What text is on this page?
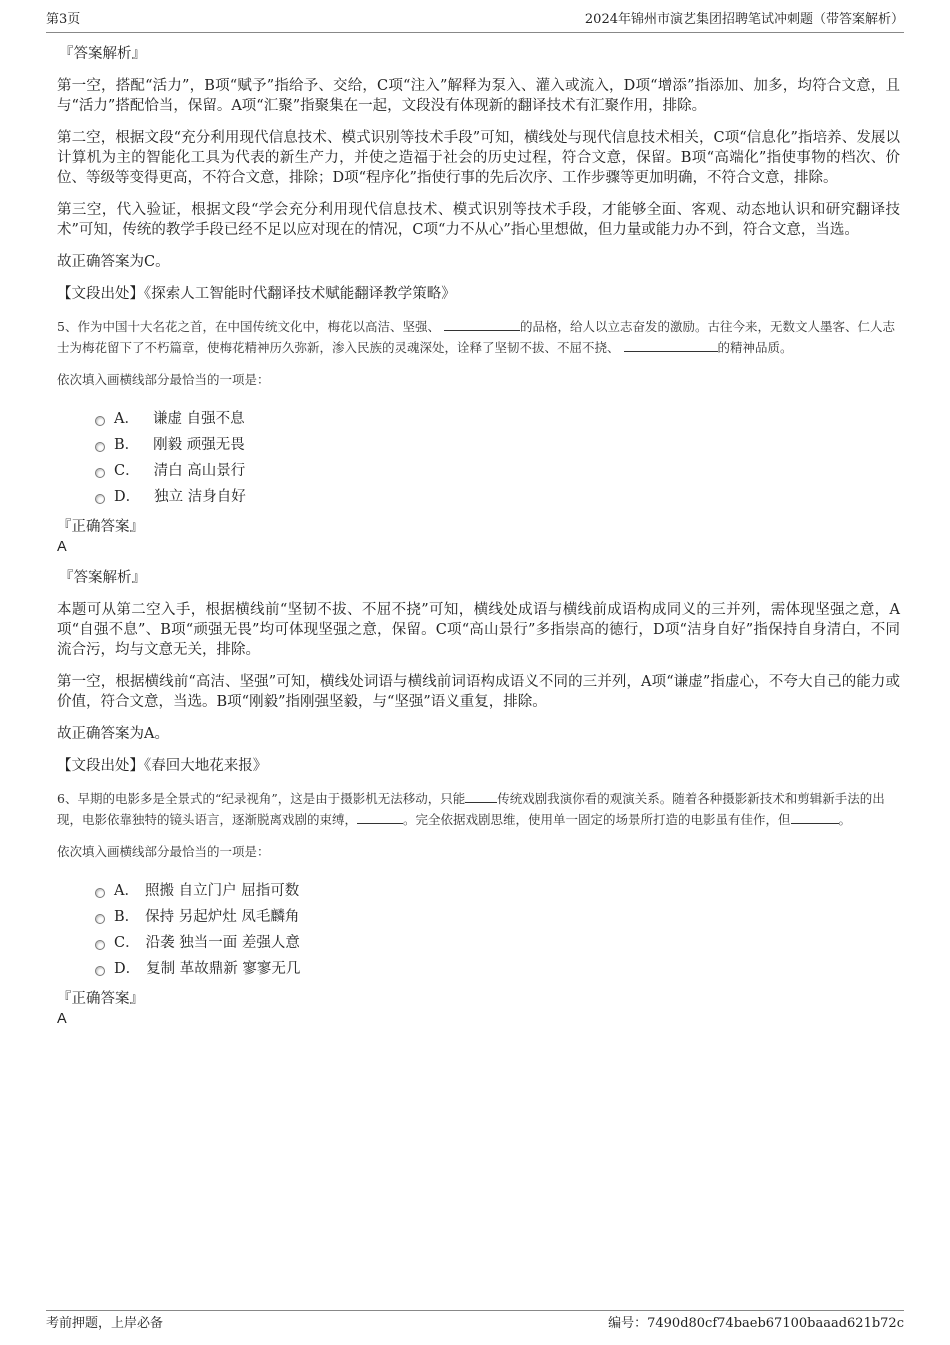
第3页	2024年锦州市演艺集团招聘笔试冲刺题（带答案解析）
『答案解析』

第一空，搭配“活力”，B项“赋予”指给予、交给，C项“注入”解释为泵入、灌入或流入，D项“增添”指添加、加多，均符合文意，且与“活力”搭配恰当，保留。A项“汇聚”指聚集在一起，文段没有体现新的翻译技术有汇聚作用，排除。

第二空，根据文段“充分利用现代信息技术、模式识别等技术手段”可知，横线处与现代信息技术相关，C项“信息化”指培养、发展以计算机为主的智能化工具为代表的新生产力，并使之造福于社会的历史过程，符合文意，保留。B项“高端化”指使事物的档次、价位、等级等变得更高，不符合文意，排除；D项“程序化”指使行事的先后次序、工作步骤等更加明确，不符合文意，排除。

第三空，代入验证，根据文段“学会充分利用现代信息技术、模式识别等技术手段，才能够全面、客观、动态地认识和研究翻译技术”可知，传统的教学手段已经不足以应对现在的情况，C项“力不从心”指心里想做，但力量或能力办不到，符合文意，当选。

故正确答案为C。

【文段出处】《探索人工智能时代翻译技术赋能翻译教学策略》

5、作为中国十大名花之首，在中国传统文化中，梅花以高洁、坚强、	的品格，给人以立志奋发的激励。古往今来，无数文人墨客、仁人志士为梅花留下了不朽篇章，使梅花精神历久弥新，渗入民族的灵魂深处，诠释了坚韧不拔、不屈不挠、	的精神品质。
依次填入画横线部分最恰当的一项是：
A． 谦虚 自强不息
B． 刚毅 顽强无畏
C． 清白 高山景行
D． 独立 洁身自好
『正确答案』
A
『答案解析』

本题可从第二空入手，根据横线前“坚韧不拔、不屈不挠”可知，横线处成语与横线前成语构成同义的三并列，需体现坚强之意，A项“自强不息”、B项“顽强无畏”均可体现坚强之意，保留。C项“高山景行”多指崇高的德行，D项“洁身自好”指保持自身清白，不同流合污，均与文意无关，排除。

第一空，根据横线前“高洁、坚强”可知，横线处词语与横线前词语构成语义不同的三并列，A项“谦虚”指虚心，不夸大自己的能力或价值，符合文意，当选。B项“刚毅”指刚强坚毅，与“坚强”语义重复，排除。

故正确答案为A。

【文段出处】《春回大地花来报》

6、早期的电影多是全景式的“纪录视角”，这是由于摄影机无法移动，只能	传统戏剧我演你看的观演关系。随着各种摄影新技术和剪辑新手法的出现，电影依靠独特的镜头语言，逐渐脱离戏剧的束缚，	。完全依据戏剧思维，使用单一固定的场景所打造的电影虽有佳作，但	。
依次填入画横线部分最恰当的一项是：
A． 照搬 自立门户 屈指可数
B． 保持 另起炉灶 凤毛麟角
C． 沿袭 独当一面 差强人意
D． 复制 革故鼎新 寥寥无几
『正确答案』
A
考前押题，上岸必备	编号：7490d80cf74baeb67100baaad621b72c
